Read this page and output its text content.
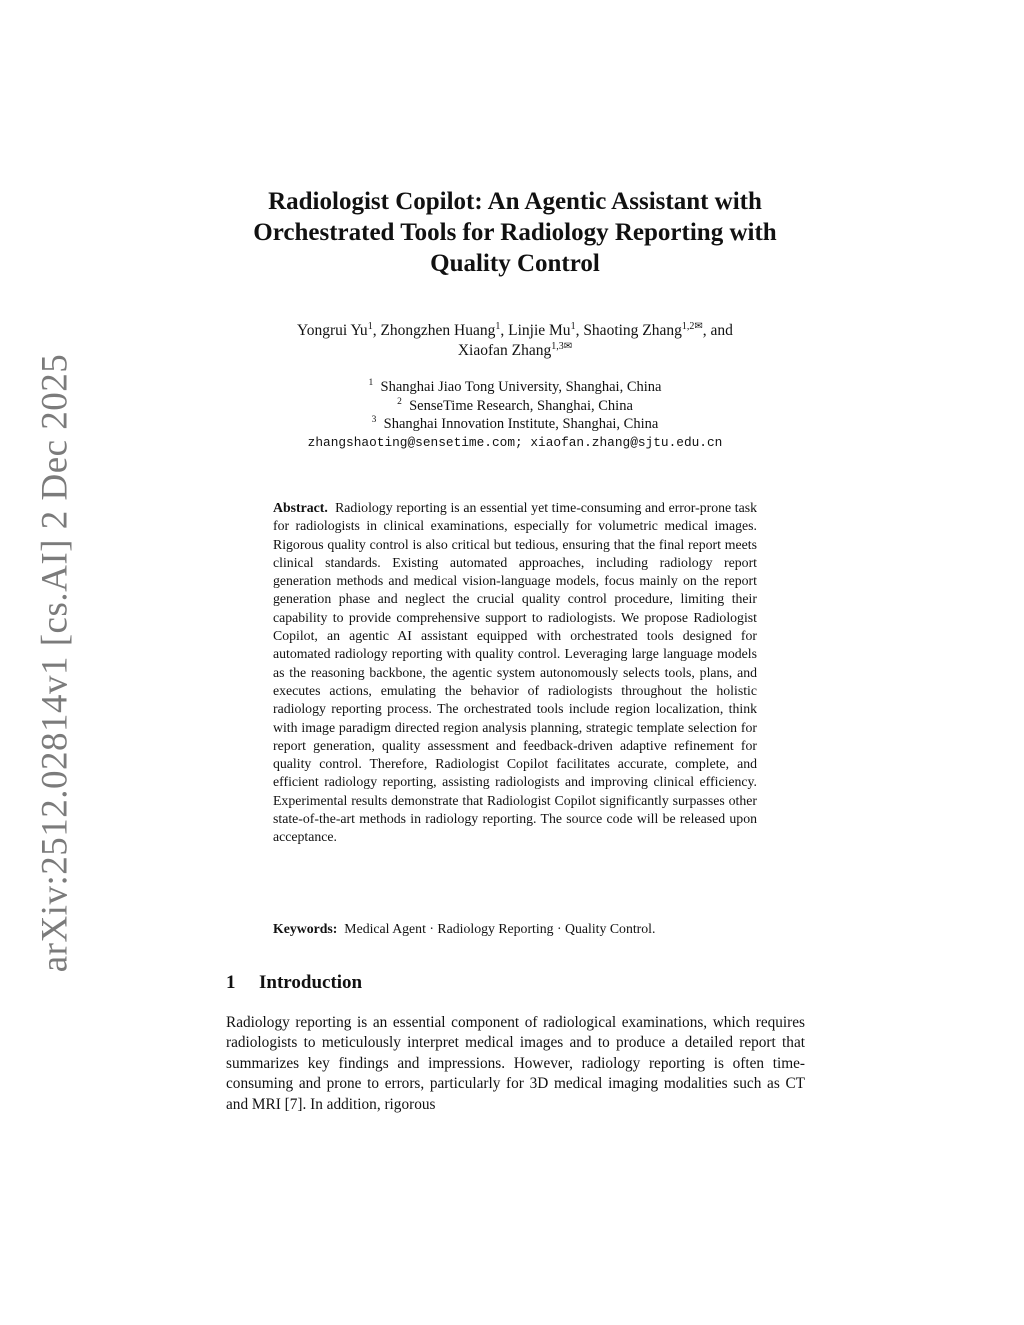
arXiv:2512.02814v1 [cs.AI] 2 Dec 2025
Radiologist Copilot: An Agentic Assistant with
Orchestrated Tools for Radiology Reporting with
Quality Control
Yongrui Yu$^1$, Zhongzhen Huang$^1$, Linjie Mu$^1$, Shaoting Zhang$^{1,2✉}$, and
Xiaofan Zhang$^{1,3✉}$
$^1$ Shanghai Jiao Tong University, Shanghai, China
$^2$ SenseTime Research, Shanghai, China
$^3$ Shanghai Innovation Institute, Shanghai, China
zhangshaoting@sensetime.com; xiaofan.zhang@sjtu.edu.cn
Abstract. Radiology reporting is an essential yet time-consuming and error-prone task for radiologists in clinical examinations, especially for volumetric medical images. Rigorous quality control is also critical but tedious, ensuring that the final report meets clinical standards. Existing automated approaches, including radiology report generation methods and medical vision-language models, focus mainly on the report generation phase and neglect the crucial quality control procedure, limiting their capability to provide comprehensive support to radiologists. We propose Radiologist Copilot, an agentic AI assistant equipped with orchestrated tools designed for automated radiology reporting with quality control. Leveraging large language models as the reasoning backbone, the agentic system autonomously selects tools, plans, and executes actions, emulating the behavior of radiologists throughout the holistic radiology reporting process. The orchestrated tools include region localization, think with image paradigm directed region analysis planning, strategic template selection for report generation, quality assessment and feedback-driven adaptive refinement for quality control. Therefore, Radiologist Copilot facilitates accurate, complete, and efficient radiology reporting, assisting radiologists and improving clinical efficiency. Experimental results demonstrate that Radiologist Copilot significantly surpasses other state-of-the-art methods in radiology reporting. The source code will be released upon acceptance.
Keywords: Medical Agent · Radiology Reporting · Quality Control.
1 Introduction
Radiology reporting is an essential component of radiological examinations, which requires radiologists to meticulously interpret medical images and to produce a detailed report that summarizes key findings and impressions. However, radiology reporting is often time-consuming and prone to errors, particularly for 3D medical imaging modalities such as CT and MRI [7]. In addition, rigorous
